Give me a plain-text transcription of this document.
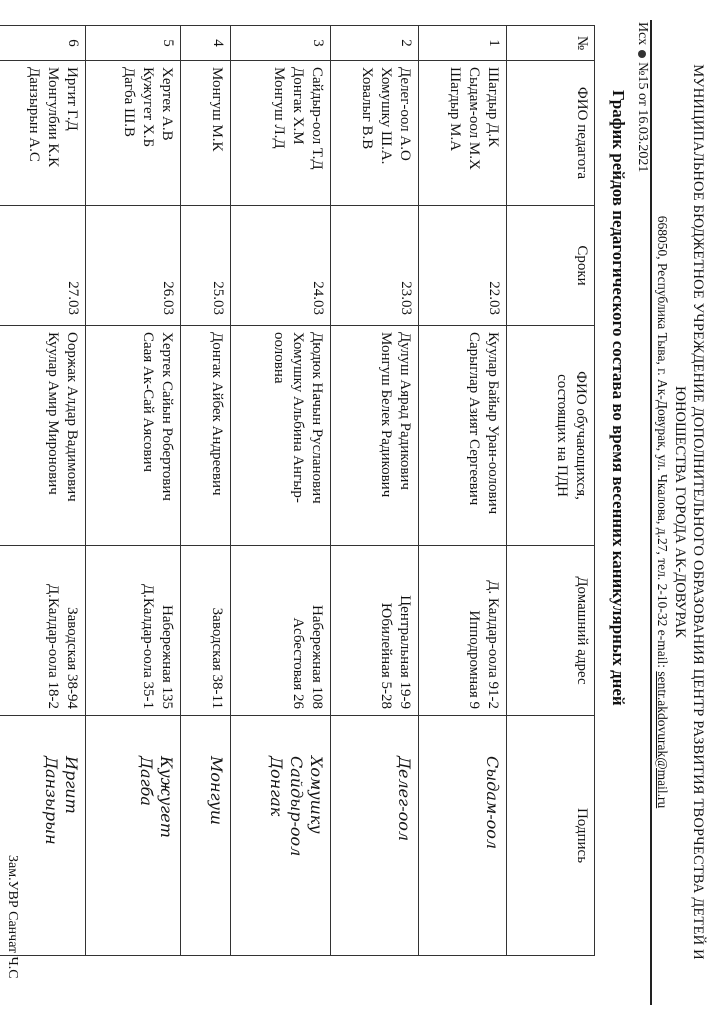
МУНИЦИПАЛЬНОЕ БЮДЖЕТНОЕ УЧРЕЖДЕНИЕ ДОПОЛНИТЕЛЬНОГО ОБРАЗОВАНИЯ ЦЕНТР РАЗВИТИЯ ТВОРЧЕСТВА ДЕТЕЙ И
ЮНОШЕСТВА ГОРОДА АК-ДОВУРАК
668050, Республика Тыва, г. Ак-Довурак, ул. Чкалова, д.27, тел. 2-10-32 e-mail: sentr.akdovurak@mail.ru
Исх  №15 от 16.03.2021
График рейдов педагогического состава во время весенних каникулярных дней
№	ФИО педагога	Сроки	ФИО обучающихся,
состоящих на ПДН	Домашний адрес	Подпись
1	Шагдыр Д.К
Сыдам-оол М.Х
Шагдыр М.А	22.03	Куулар Байыр Уран-оолович
Сарыглар Азият Сергеевич	Д. Калдар-оола 91-2
Ипподромная 9	Сыдам-оол

2	Делег-оол А.О
Хомушку Ш.А.
Ховалыг В.В	23.03	Дулуш Аярад Радикович
Монгуш Белек Радикович	Центральная 19-9
Юбилейная 5-28	Делег-оол

3	Сайдыр-оол Т.Д
Донгак Х.М
Монгуш Л.Д	24.03	Дюдюк Начын Русланович
Хомушку Альбина Ангыр-
ооловна	Набережная 108
Асбестовая 26	Хомушку
Сайдыр-оол
Донгак

4	Монгуш М.К	25.03	Донгак Айбек Андреевич	Заводская 38-11	Монгуш

5	Хертек А.В
Кужугет Х.Б
Дагба Ш.В	26.03	Хертек Сайын Робертович
Саая Ак-Сай Аясович	Набережная 135
Д.Калдар-оола 35-1	Кужугет
Дагба

6	Иргит Г.Д
Монгулбии К.К
Данзырын А.С	27.03	Ооржак Алдар Вадимович
Куулар Амир Миронович	Заводская 38-94
Д.Калдар-оола 18-2	Иргит
Данзырын
Зам.УВР Санчат Ч.С
